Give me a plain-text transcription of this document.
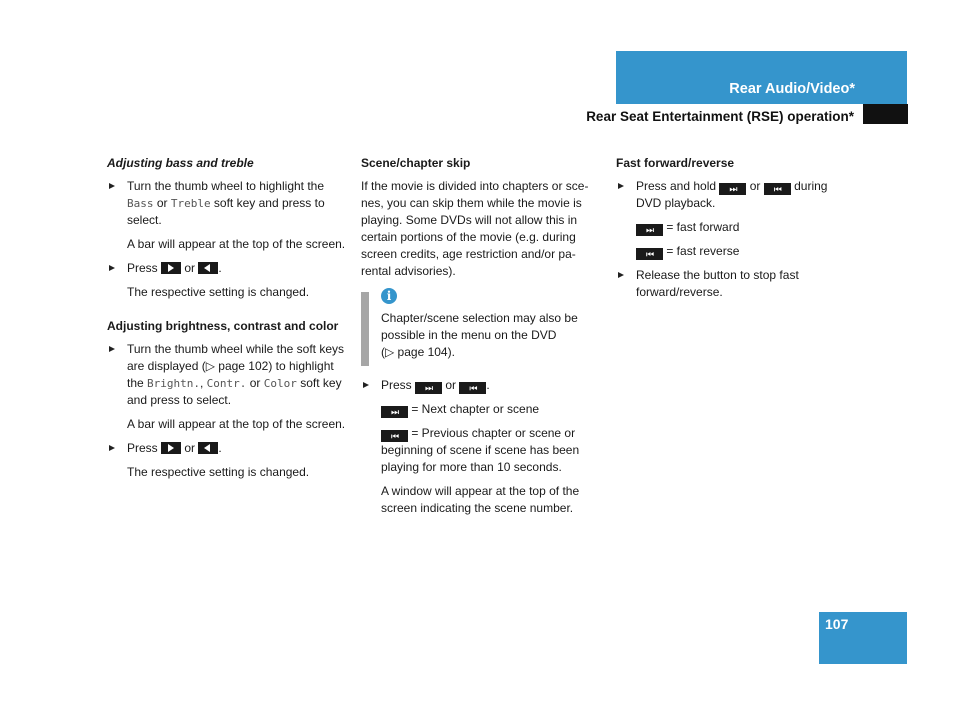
Rear Audio/Video*
Rear Seat Entertainment (RSE) operation*
Adjusting bass and treble

Turn the thumb wheel to highlight the Bass or Treble soft key and press to select.

A bar will appear at the top of the screen.

Press or .

The respective setting is changed.

Adjusting brightness, contrast and color

Turn the thumb wheel while the soft keys are displayed (▷ page 102) to highlight the Brightn., Contr. or Color soft key and press to select.

A bar will appear at the top of the screen.

Press or .

The respective setting is changed.

Scene/chapter skip

If the movie is divided into chapters or sce-nes, you can skip them while the movie is playing. Some DVDs will not allow this in certain portions of the movie (e.g. during screen credits, age restriction and/or pa-rental advisories).

i
Chapter/scene selection may also be possible in the menu on the DVD
(▷ page 104).

Press	⏭	or	⏮ .

⏭	= Next chapter or scene

⏮	= Previous chapter or scene or beginning of scene if scene has been playing for more than 10 seconds.

A window will appear at the top of the screen indicating the scene number.

Fast forward/reverse

Press and hold	⏭	or	⏮	during DVD playback.

⏭	= fast forward

⏮	= fast reverse

Release the button to stop fast forward/reverse.

107
